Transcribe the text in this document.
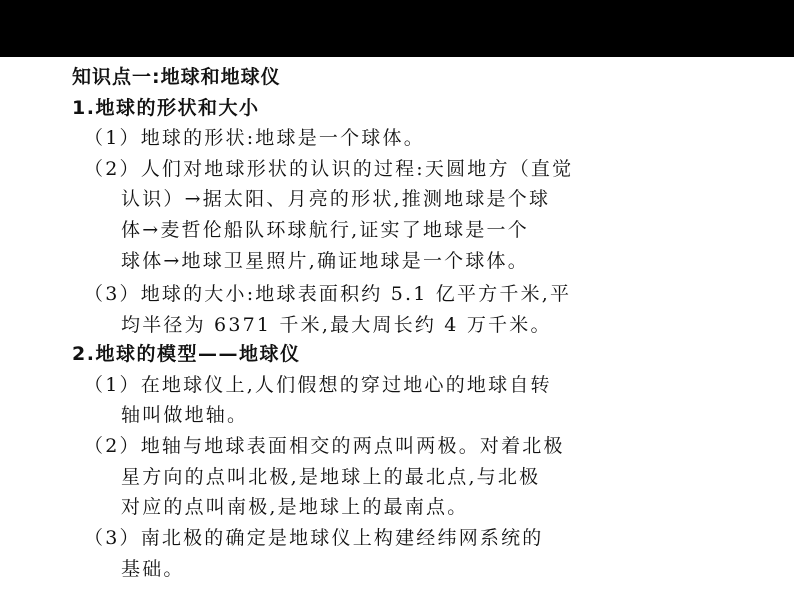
知识点一:地球和地球仪
1.地球的形状和大小
（1）地球的形状:地球是一个球体。
（2）人们对地球形状的认识的过程:天圆地方（直觉
认识）→据太阳、月亮的形状,推测地球是个球
体→麦哲伦船队环球航行,证实了地球是一个
球体→地球卫星照片,确证地球是一个球体。
（3）地球的大小:地球表面积约 5.1 亿平方千米,平
均半径为 6371 千米,最大周长约 4 万千米。
2.地球的模型——地球仪
（1）在地球仪上,人们假想的穿过地心的地球自转
轴叫做地轴。
（2）地轴与地球表面相交的两点叫两极。对着北极
星方向的点叫北极,是地球上的最北点,与北极
对应的点叫南极,是地球上的最南点。
（3）南北极的确定是地球仪上构建经纬网系统的
基础。
